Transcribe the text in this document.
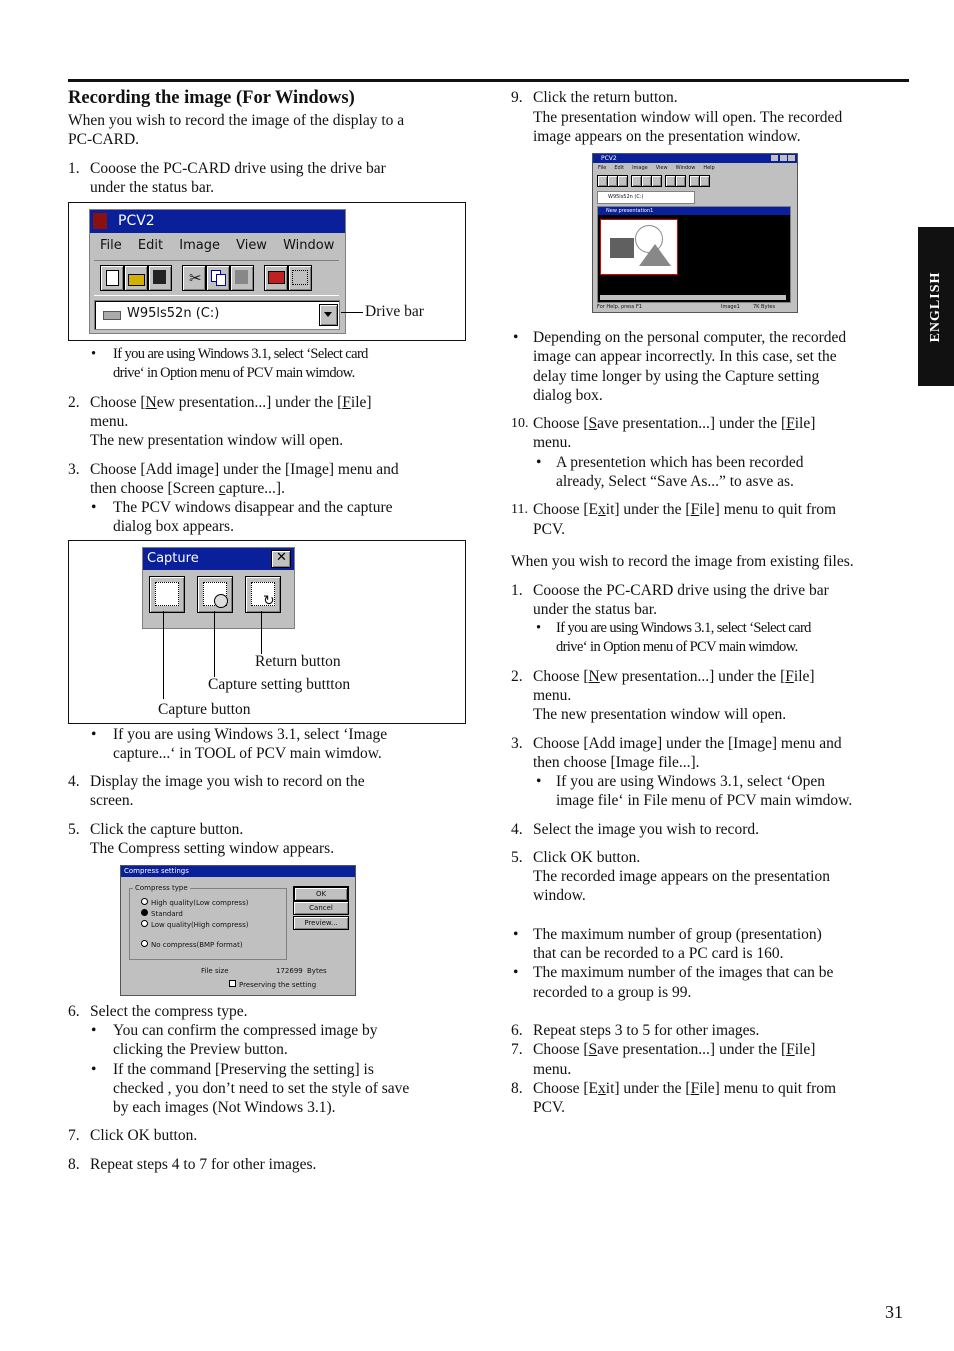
ENGLISH
31
Recording the image (For Windows)
When you wish to record the image of the display to a
PC-CARD.
1. Cooose the PC-CARD drive using the drive bar
under the status bar.
PCV2
File Edit Image View Window
✂
W95ls52n (C:)	Drive bar
• If you are using Windows 3.1, select ‘Select card
drive‘ in Option menu of PCV main wimdow.
2. Choose [New presentation...] under the [File]
menu.
The new presentation window will open.
3. Choose [Add image] under the [Image] menu and
then choose [Screen capture...].
• The PCV windows disappear and the capture
dialog box appears.
Capture	✕
↻
Return button
Capture setting buttton
Capture button
• If you are using Windows 3.1, select ‘Image
capture...‘ in TOOL of PCV main wimdow.
4. Display the image you wish to record on the
screen.
5. Click the capture button.
The Compress setting window appears.
Compress settings
Compress type
High quality(Low compress)
Standard
Low quality(High compress)
No compress(BMP format)
OK
Cancel
Preview...
File size	172699 Bytes
Preserving the setting
6. Select the compress type.
• You can confirm the compressed image by
clicking the Preview button.
• If the command [Preserving the setting] is
checked , you don’t need to set the style of save
by each images (Not Windows 3.1).
7. Click OK button.
8. Repeat steps 4 to 7 for other images.
9. Click the return button.
The presentation window will open. The recorded
image appears on the presentation window.
PCV2
File Edit Image View Window Help
W95ls52n (C:)
New presentation1
For Help, press F1	Image1	7K Bytes
• Depending on the personal computer, the recorded
image can appear incorrectly. In this case, set the
delay time longer by using the Capture setting
dialog box.
10. Choose [Save presentation...] under the [File]
menu.
• A presentetion which has been recorded
already, Select “Save As...” to asve as.
11. Choose [Exit] under the [File] menu to quit from
PCV.
When you wish to record the image from existing files.
1. Cooose the PC-CARD drive using the drive bar
under the status bar.
• If you are using Windows 3.1, select ‘Select card
drive‘ in Option menu of PCV main wimdow.
2. Choose [New presentation...] under the [File]
menu.
The new presentation window will open.
3. Choose [Add image] under the [Image] menu and
then choose [Image file...].
• If you are using Windows 3.1, select ‘Open
image file‘ in File menu of PCV main wimdow.
4. Select the image you wish to record.
5. Click OK button.
The recorded image appears on the presentation
window.
• The maximum number of group (presentation)
that can be recorded to a PC card is 160.
• The maximum number of the images that can be
recorded to a group is 99.
6. Repeat steps 3 to 5 for other images.
7. Choose [Save presentation...] under the [File]
menu.
8. Choose [Exit] under the [File] menu to quit from
PCV.
